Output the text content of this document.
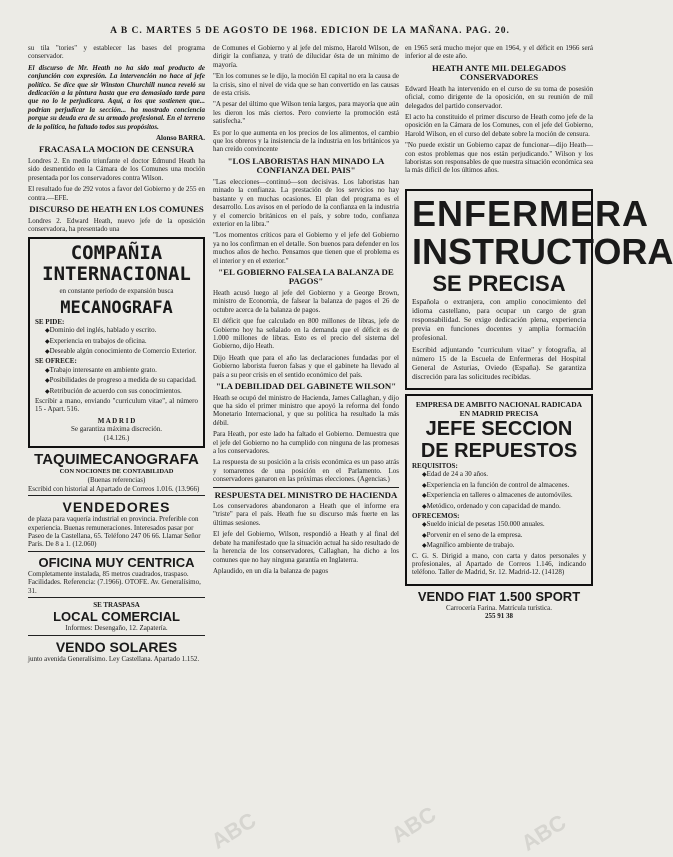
A B C. MARTES 5 DE AGOSTO DE 1968. EDICION DE LA MAÑANA. PAG. 20.

su tila "tories" y establecer las bases del programa conservador.

El discurso de Mr. Heath no ha sido mal producto de conjunción con expresión. La intervención no hace al jefe político. Se dice que sir Winston Churchill nunca reveló su dedicación a la pintura hasta que era demasiado tarde para que no lo le perjudicara. Aquí, a los que sostienen que... podrían perjudicar la sección... ha mostrado conciencia porque su deuda era de su armado profesional. En el terreno de la política, ha faltado todos sus propósitos.

Alonso BARRA.
FRACASA LA MOCION DE CENSURA

Londres 2. En medio triunfante el doctor Edmund Heath ha sido desmentido en la Cámara de los Comunes una moción presentada por los conservadores contra Wilson.

El resultado fue de 292 votos a favor del Gobierno y de 255 en contra.—EFE.

DISCURSO DE HEATH EN LOS COMUNES

Londres 2. Edward Heath, nuevo jefe de la oposición conservadora, ha presentado una

COMPAÑIA
INTERNACIONAL
en constante período de expansión busca
MECANOGRAFA
SE PIDE:
◆ Dominio del inglés, hablado y escrito.
◆ Experiencia en trabajos de oficina.
◆ Deseable algún conocimiento de Comercio Exterior.
SE OFRECE:
◆ Trabajo interesante en ambiente grato.
◆ Posibilidades de progreso a medida de su capacidad.
◆ Retribución de acuerdo con sus conocimientos.

Escribir a mano, enviando "curriculum vitae", al número 15 - Apart. 516.

M A D R I D
Se garantiza máxima discreción.
(14.126.)
TAQUIMECANOGRAFA
CON NOCIONES DE CONTABILIDAD
(Buenas referencias)
Escribid con historial al Apartado de Correos 1.016. (13.966)
VENDEDORES
de plaza para vaquería industrial en provincia. Preferible con experiencia. Buenas remuneraciones. Interesados pasar por Paseo de la Castellana, 65. Teléfono 247 06 66. Llamar Señor París. De 8 a 1. (12.060)
OFICINA MUY CENTRICA
Completamente instalada, 85 metros cuadrados, traspaso. Facilidades. Referencia: (7.1966). OTOFE. Av. Generalísimo, 31.
SE TRASPASA
LOCAL COMERCIAL
Informes: Desengaño, 12. Zapatería.
VENDO SOLARES
junto avenida Generalísimo. Ley Castellana. Apartado 1.152.

de Comunes el Gobierno y al jefe del mismo, Harold Wilson, de dirigir la confianza, y trató de dilucidar ésta de un mínimo de mayoría.

"En los comunes se le dijo, la moción El capital no era la causa de la crisis, sino el nivel de vida que se han convertido en las causas de esta crisis.

"A pesar del último que Wilson tenía largos, para mayoría que aún les dieron los más ciertos. Pero convierte la promoción está satisfecha."

Es por lo que aumenta en los precios de los alimentos, el cambio que los obreros y la insistencia de la industria en los británicos ya han creído convincente

"LOS LABORISTAS HAN MINADO LA CONFIANZA DEL PAIS"

"Las elecciones—continuó—son decisivas. Los laboristas han minado la confianza. La prestación de los servicios no hay bastante y en muchas ocasiones. El plan del programa es el desarrollo. Los avisos en el período de la confianza en la industria y el comercio británicos en el país, y sobre todo, confianza exterior en la libra."

"Los momentos críticos para el Gobierno y el jefe del Gobierno ya no los confirman en el detalle. Son buenos para defender en los muchos años de hecho. Pensamos que tienen que el problema es el interior y en el exterior."

"EL GOBIERNO FALSEA LA BALANZA DE PAGOS"

Heath acusó luego al jefe del Gobierno y a George Brown, ministro de Economía, de falsear la balanza de pagos el 26 de octubre acerca de la balanza de pagos.

El déficit que fue calculado en 800 millones de libras, jefe de Gobierno hoy ha señalado en la demanda que el déficit es de 1.000 millones de libras. Esto es el precio del sistema del Gobierno, dijo Heath.

Dijo Heath que para el año las declaraciones fundadas por el Gobierno laborista fueron falsas y que el gabinete ha llevado al país a su peor crisis en el sentido económico del país.

"LA DEBILIDAD DEL GABINETE WILSON"

Heath se ocupó del ministro de Hacienda, James Callaghan, y dijo que ha sido el primer ministro que apoyó la reforma del fondo Monetario Internacional, y que su política ha resultado la más débil.

Para Heath, por este lado ha faltado el Gobierno. Demuestra que el jefe del Gobierno no ha cumplido con ninguna de las promesas a los conservadores.

La respuesta de su posición a la crisis económica es un paso atrás y tomaremos de una posición en el Parlamento. Los conservadores ganaron en las próximas elecciones. (Agencias.)

RESPUESTA DEL MINISTRO DE HACIENDA

Los conservadores abandonaron a Heath que el informe era "triste" para el país. Heath fue su discurso más fuerte en las últimas sesiones.

El jefe del Gobierno, Wilson, respondió a Heath y al final del debate ha manifestado que la situación actual ha sido resultado de la herencia de los conservadores, Callaghan, ha dicho a los comunes que no hay ninguna garantía en Inglaterra.

Aplaudido, en un día la balanza de pagos

en 1965 será mucho mejor que en 1964, y el déficit en 1966 será inferior al de este año.

HEATH ANTE MIL DELEGADOS CONSERVADORES

Edward Heath ha intervenido en el curso de su toma de posesión oficial, como dirigente de la oposición, en su reunión de mil delegados del partido conservador.

El acto ha constituido el primer discurso de Heath como jefe de la oposición en la Cámara de los Comunes, con el jefe del Gobierno, Harold Wilson, en el curso del debate sobre la moción de censura.

"No puede existir un Gobierno capaz de funcionar—dijo Heath—con estos problemas que nos están perjudicando." Wilson y los laboristas son responsables de que nuestra situación económica sea la más difícil de los últimos años.

ENFERMERA
INSTRUCTORA
SE PRECISA

Española o extranjera, con amplio conocimiento del idioma castellano, para ocupar un cargo de gran responsabilidad. Se exige dedicación plena, experiencia previa en funciones docentes y amplia formación profesional.

Escribid adjuntando "curriculum vitae" y fotografía, al número 15 de la Escuela de Enfermeras del Hospital General de Asturias, Oviedo (España). Se garantiza discreción para las solicitudes recibidas.

EMPRESA DE AMBITO NACIONAL RADICADA EN MADRID PRECISA
JEFE SECCION
DE REPUESTOS
REQUISITOS:
◆ Edad de 24 a 30 años.
◆ Experiencia en la función de control de almacenes.
◆ Experiencia en talleres o almacenes de automóviles.
◆ Metódico, ordenado y con capacidad de mando.
OFRECEMOS:
◆ Sueldo inicial de pesetas 150.000 anuales.
◆ Porvenir en el seno de la empresa.
◆ Magnífico ambiente de trabajo.

C. G. S. Dirigid a mano, con carta y datos personales y profesionales, al Apartado de Correos 1.146, indicando teléfono. Taller de Madrid, Sr. 12. Madrid-12. (14128)

VENDO FIAT 1.500 SPORT
Carrocería Farina. Matrícula turística.
255 91 38
ABC	ABC	ABC
